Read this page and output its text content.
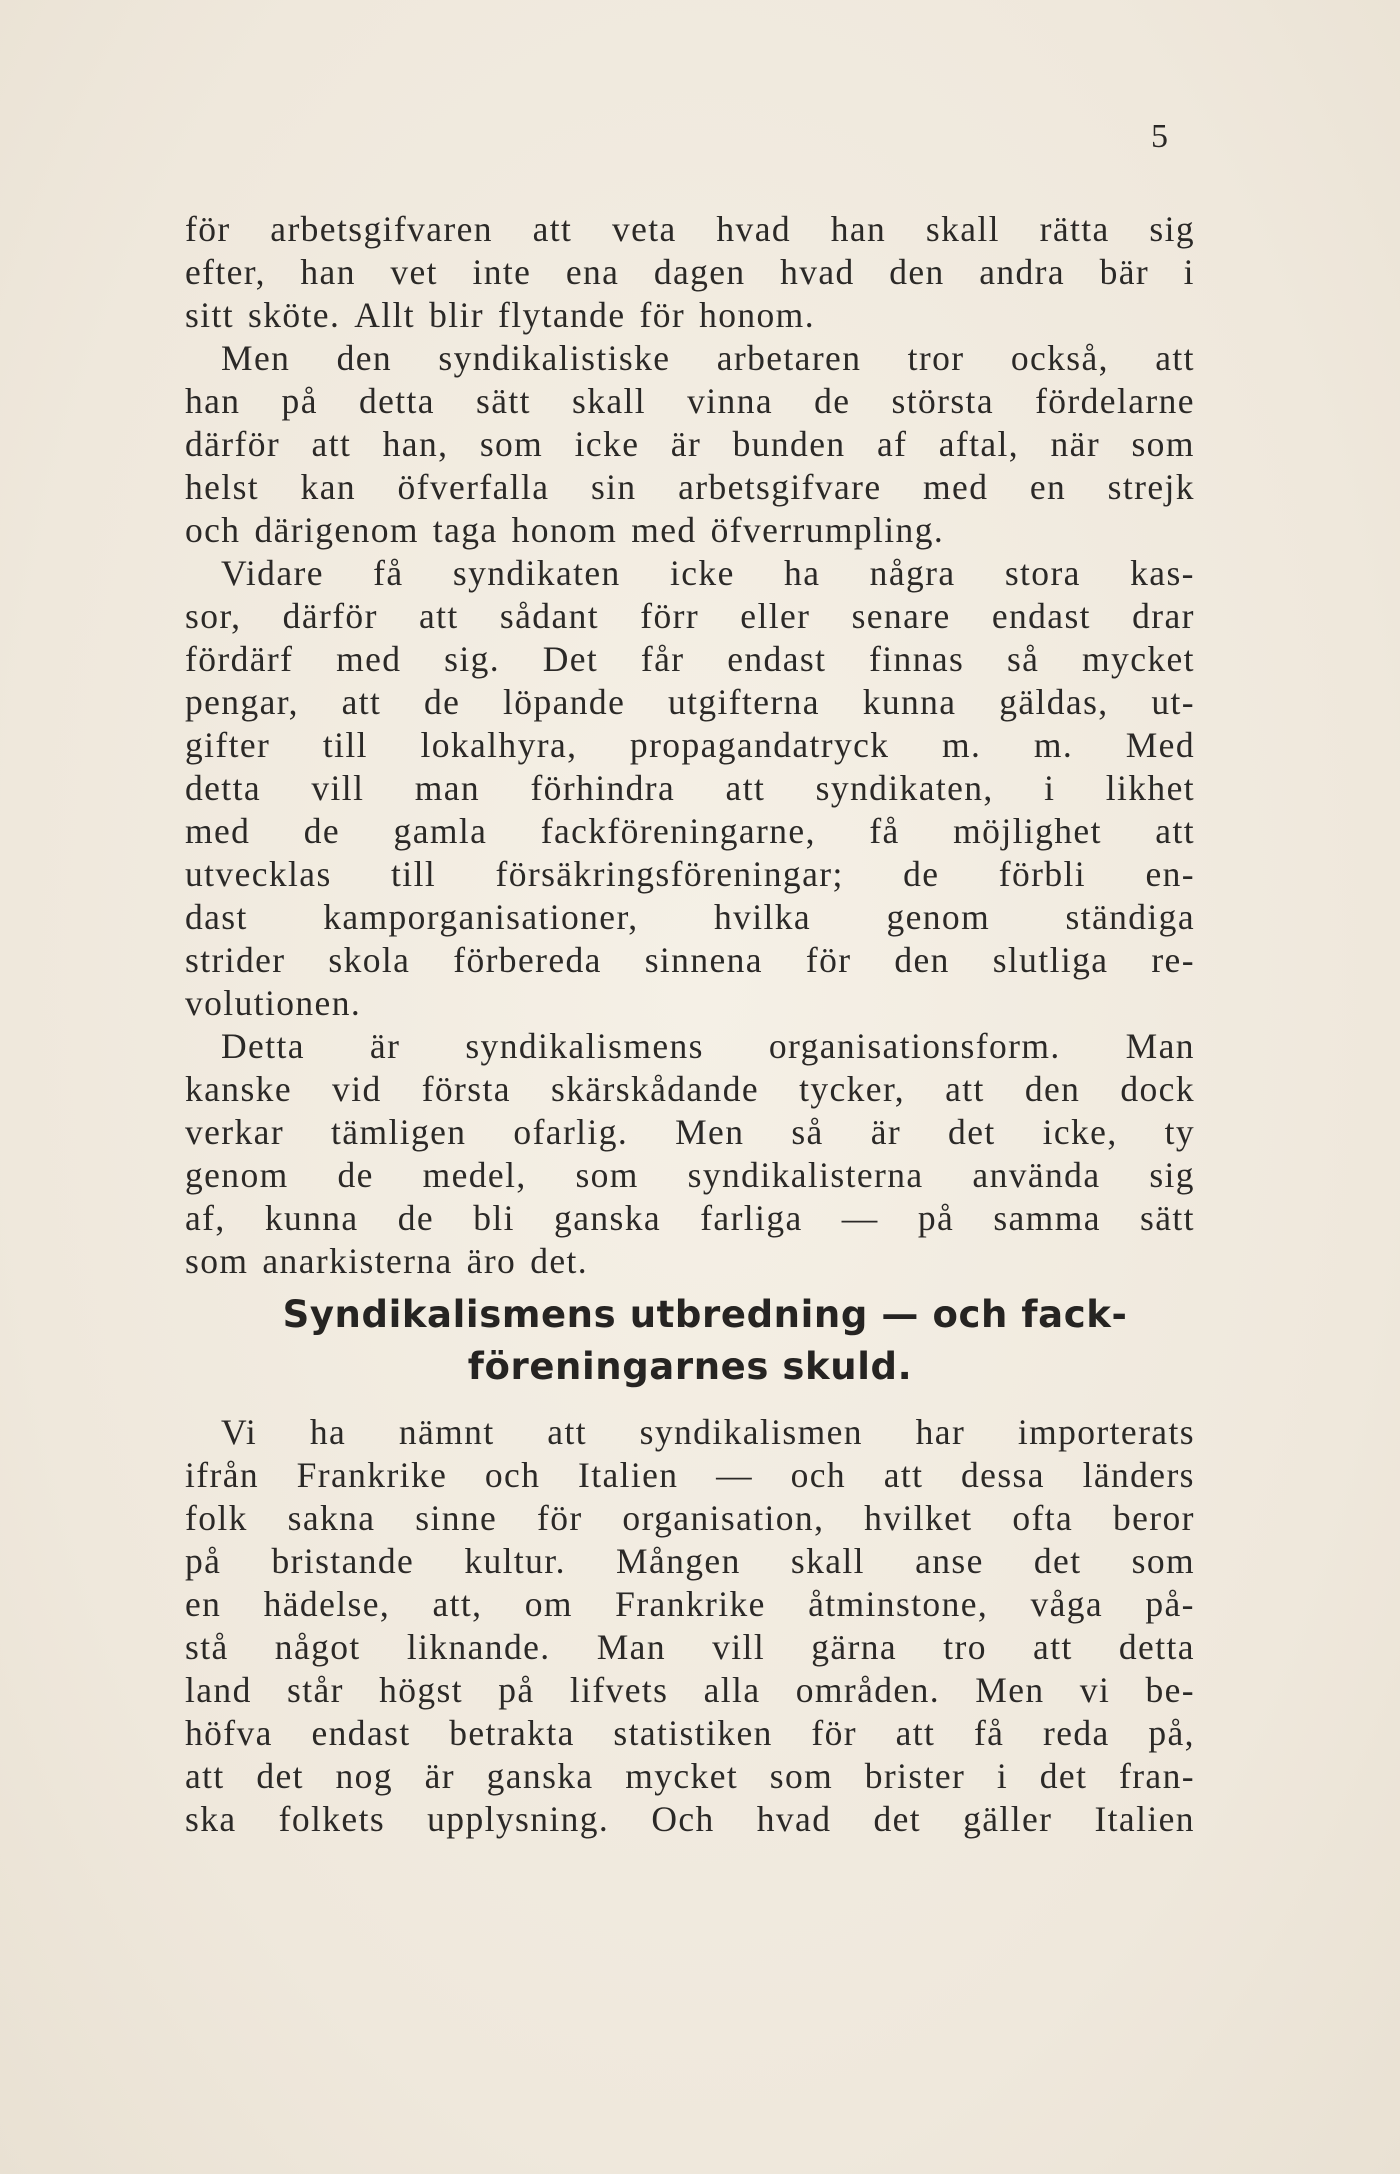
5
för arbetsgifvaren att veta hvad han skall rätta sig
efter, han vet inte ena dagen hvad den andra bär i
sitt sköte. Allt blir flytande för honom.
Men den syndikalistiske arbetaren tror också, att
han på detta sätt skall vinna de största fördelarne
därför att han, som icke är bunden af aftal, när som
helst kan öfverfalla sin arbetsgifvare med en strejk
och därigenom taga honom med öfverrumpling.
Vidare få syndikaten icke ha några stora kas-
sor, därför att sådant förr eller senare endast drar
fördärf med sig. Det får endast finnas så mycket
pengar, att de löpande utgifterna kunna gäldas, ut-
gifter till lokalhyra, propagandatryck m. m. Med
detta vill man förhindra att syndikaten, i likhet
med de gamla fackföreningarne, få möjlighet att
utvecklas till försäkringsföreningar; de förbli en-
dast kamporganisationer, hvilka genom ständiga
strider skola förbereda sinnena för den slutliga re-
volutionen.
Detta är syndikalismens organisationsform. Man
kanske vid första skärskådande tycker, att den dock
verkar tämligen ofarlig. Men så är det icke, ty
genom de medel, som syndikalisterna använda sig
af, kunna de bli ganska farliga — på samma sätt
som anarkisterna äro det.
Syndikalismens utbredning — och fack-
föreningarnes skuld.
Vi ha nämnt att syndikalismen har importerats
ifrån Frankrike och Italien — och att dessa länders
folk sakna sinne för organisation, hvilket ofta beror
på bristande kultur. Mången skall anse det som
en hädelse, att, om Frankrike åtminstone, våga på-
stå något liknande. Man vill gärna tro att detta
land står högst på lifvets alla områden. Men vi be-
höfva endast betrakta statistiken för att få reda på,
att det nog är ganska mycket som brister i det fran-
ska folkets upplysning. Och hvad det gäller Italien
